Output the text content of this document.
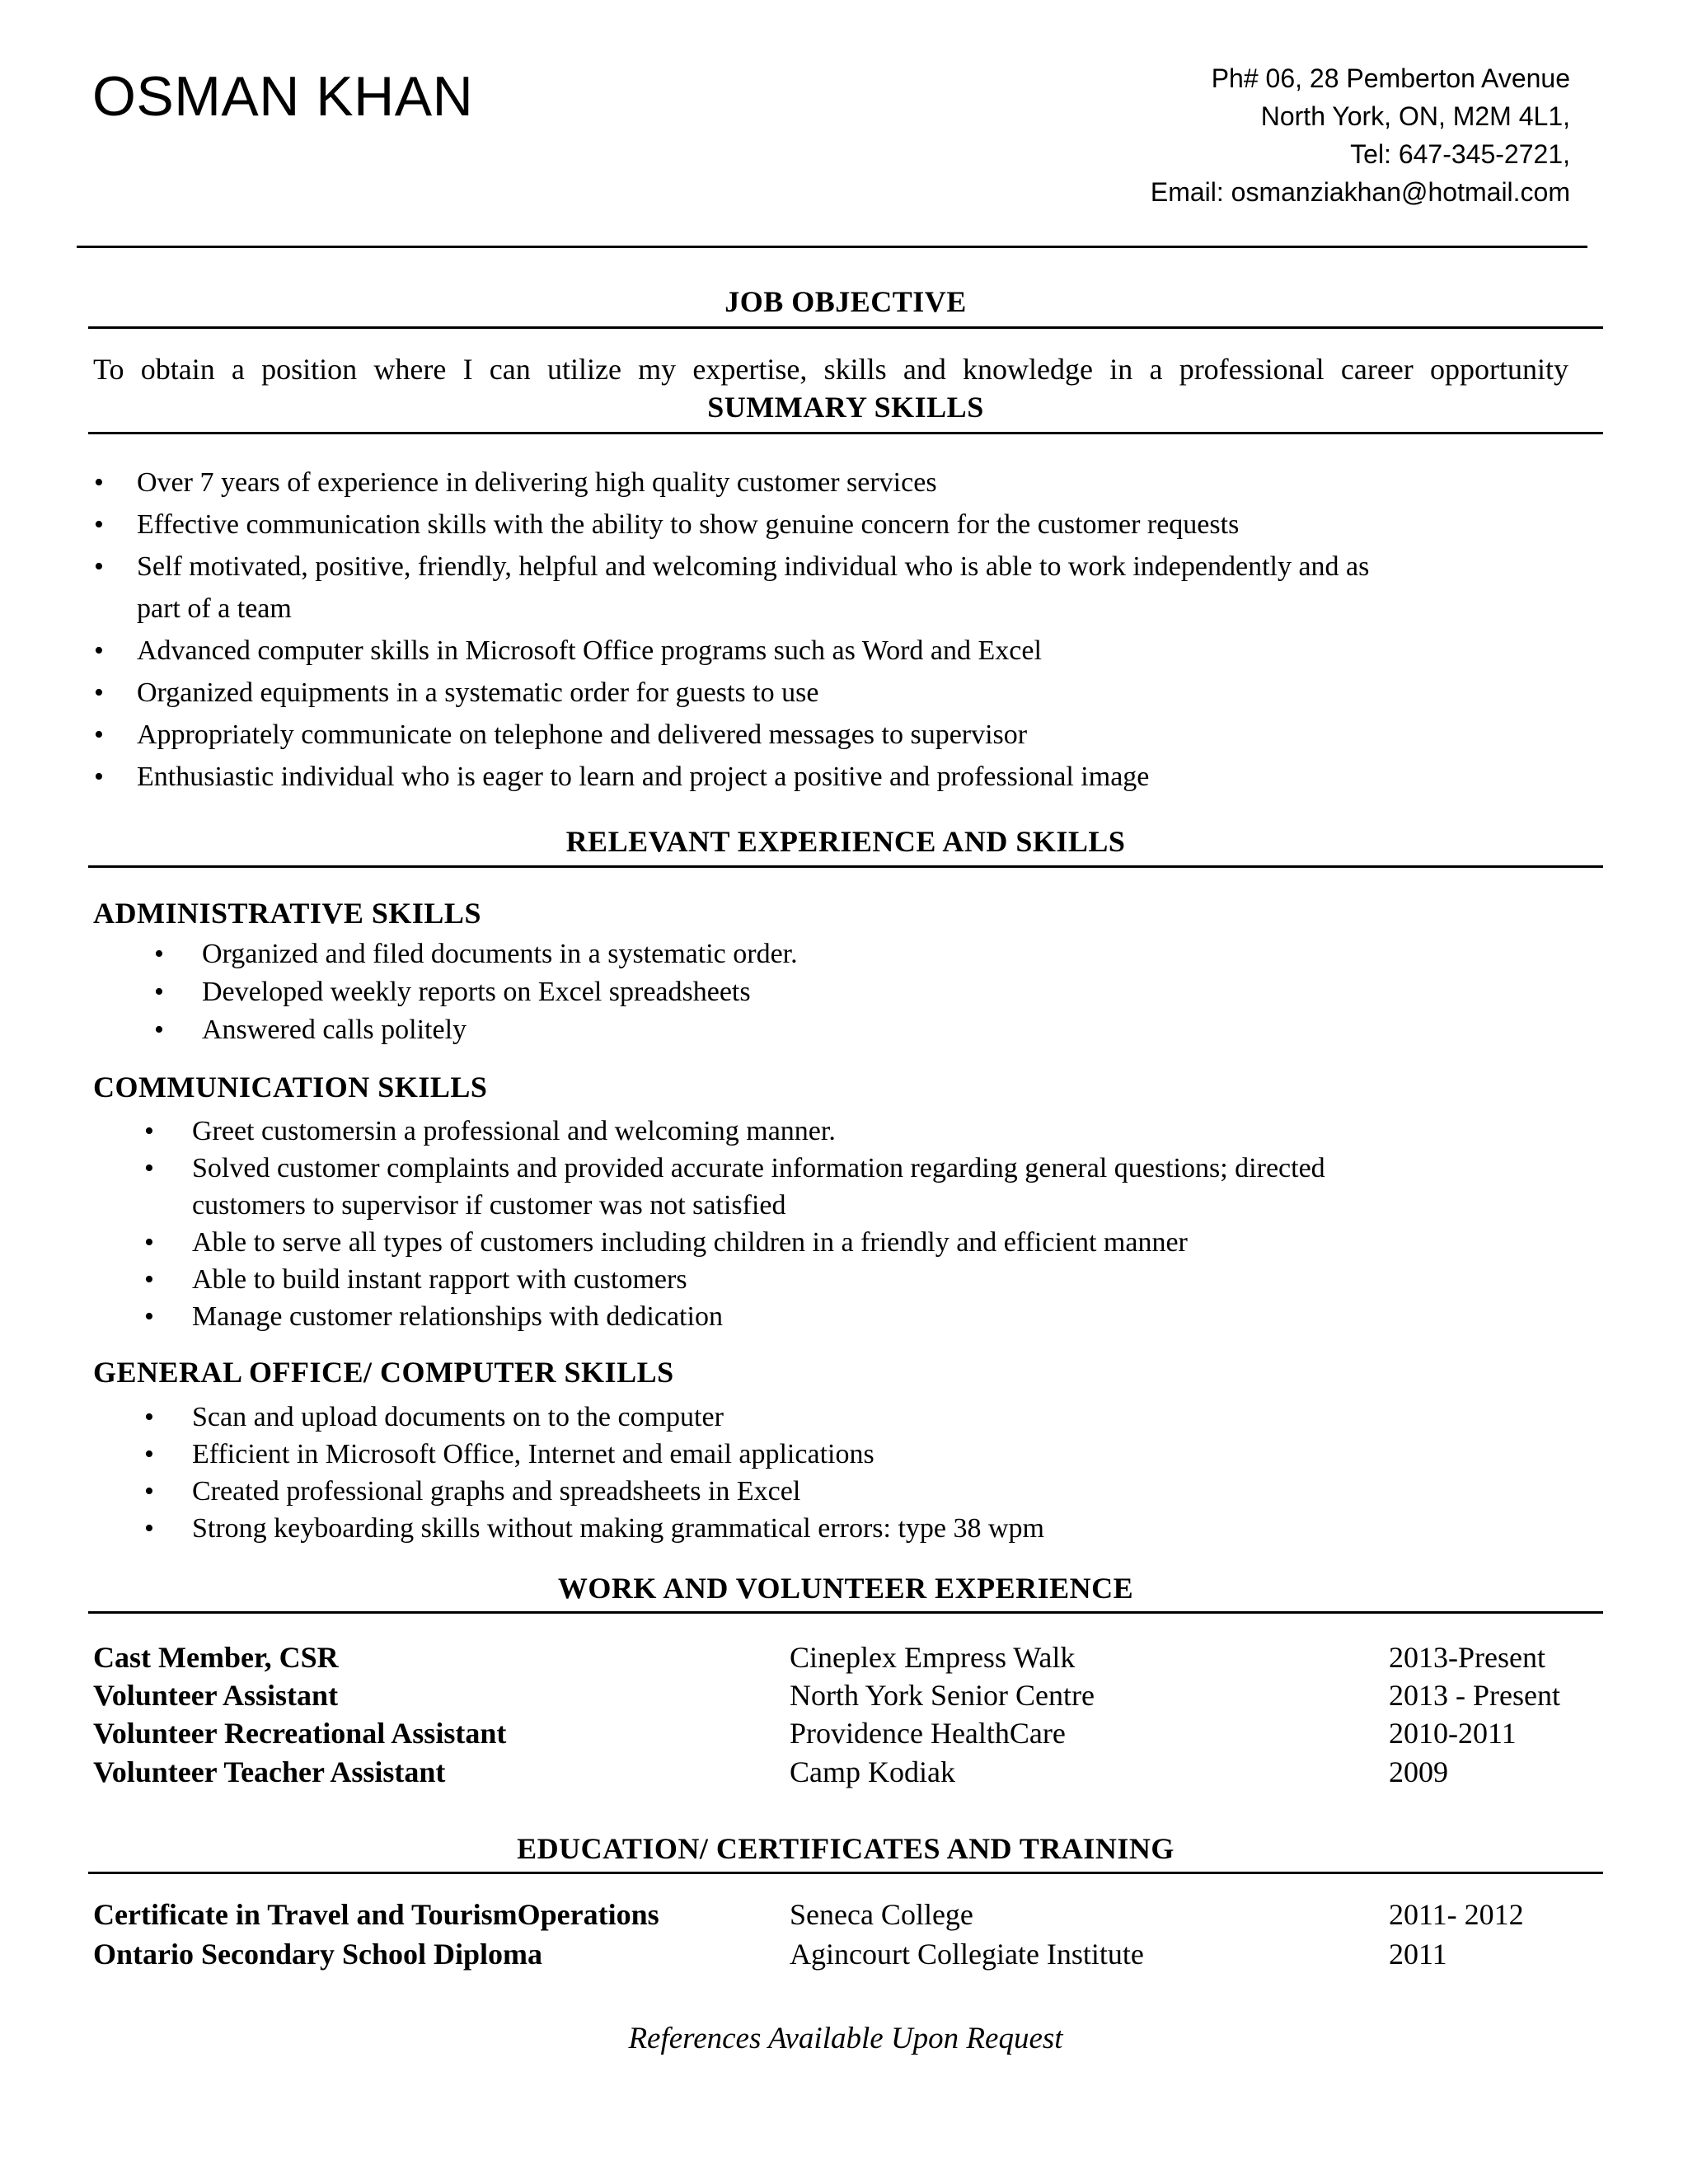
OSMAN KHAN	Ph# 06, 28 Pemberton Avenue
North York, ON, M2M 4L1,
Tel: 647-345-2721,
Email: osmanziakhan@hotmail.com
JOB OBJECTIVE
To obtain a position where I can utilize my expertise, skills and knowledge in a professional career opportunity
SUMMARY SKILLS
• Over 7 years of experience in delivering high quality customer services
• Effective communication skills with the ability to show genuine concern for the customer requests
• Self motivated, positive, friendly, helpful and welcoming individual who is able to work independently and as
part of a team
• Advanced computer skills in Microsoft Office programs such as Word and Excel
• Organized equipments in a systematic order for guests to use
• Appropriately communicate on telephone and delivered messages to supervisor
• Enthusiastic individual who is eager to learn and project a positive and professional image
RELEVANT EXPERIENCE AND SKILLS
ADMINISTRATIVE SKILLS
• Organized and filed documents in a systematic order.
• Developed weekly reports on Excel spreadsheets
• Answered calls politely
COMMUNICATION SKILLS
• Greet customersin a professional and welcoming manner.
• Solved customer complaints and provided accurate information regarding general questions; directed
customers to supervisor if customer was not satisfied
• Able to serve all types of customers including children in a friendly and efficient manner
• Able to build instant rapport with customers
• Manage customer relationships with dedication
GENERAL OFFICE/ COMPUTER SKILLS
• Scan and upload documents on to the computer
• Efficient in Microsoft Office, Internet and email applications
• Created professional graphs and spreadsheets in Excel
• Strong keyboarding skills without making grammatical errors: type 38 wpm
WORK AND VOLUNTEER EXPERIENCE
Cast Member, CSR	Cineplex Empress Walk	2013-Present
Volunteer Assistant	North York Senior Centre	2013 - Present
Volunteer Recreational Assistant	Providence HealthCare	2010-2011
Volunteer Teacher Assistant	Camp Kodiak	2009
EDUCATION/ CERTIFICATES AND TRAINING
Certificate in Travel and TourismOperations	Seneca College	2011- 2012
Ontario Secondary School Diploma	Agincourt Collegiate Institute	2011
References Available Upon Request
